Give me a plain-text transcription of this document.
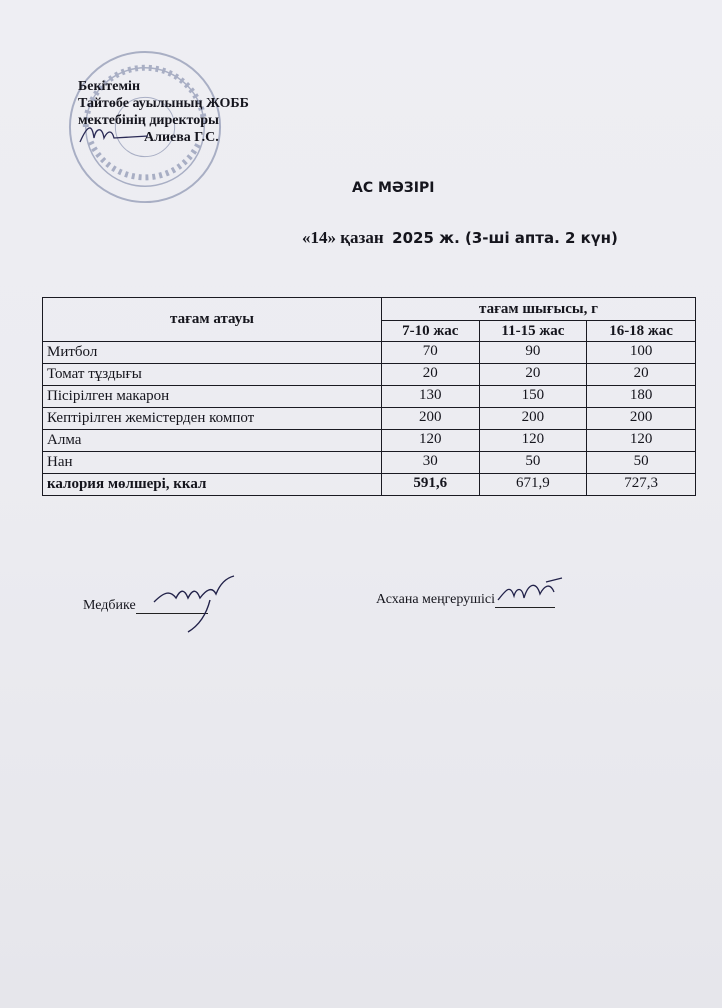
Бекітемін
Тайтөбе ауылының ЖОББ
мектебінің директоры
Алиева Г.С.
АС МӘЗІРІ
«14» қазан 2025 ж. (3-ші апта. 2 күн)
тағам атауы	тағам шығысы, г		
	7-10 жас	11-15 жас	16-18 жас
Митбол	70	90	100
Томат тұздығы	20	20	20
Пісірілген макарон	130	150	180
Кептірілген жемістерден компот	200	200	200
Алма	120	120	120
Нан	30	50	50
калория мөлшері, ккал	591,6	671,9	727,3
Медбике	Асхана меңгерушісі
